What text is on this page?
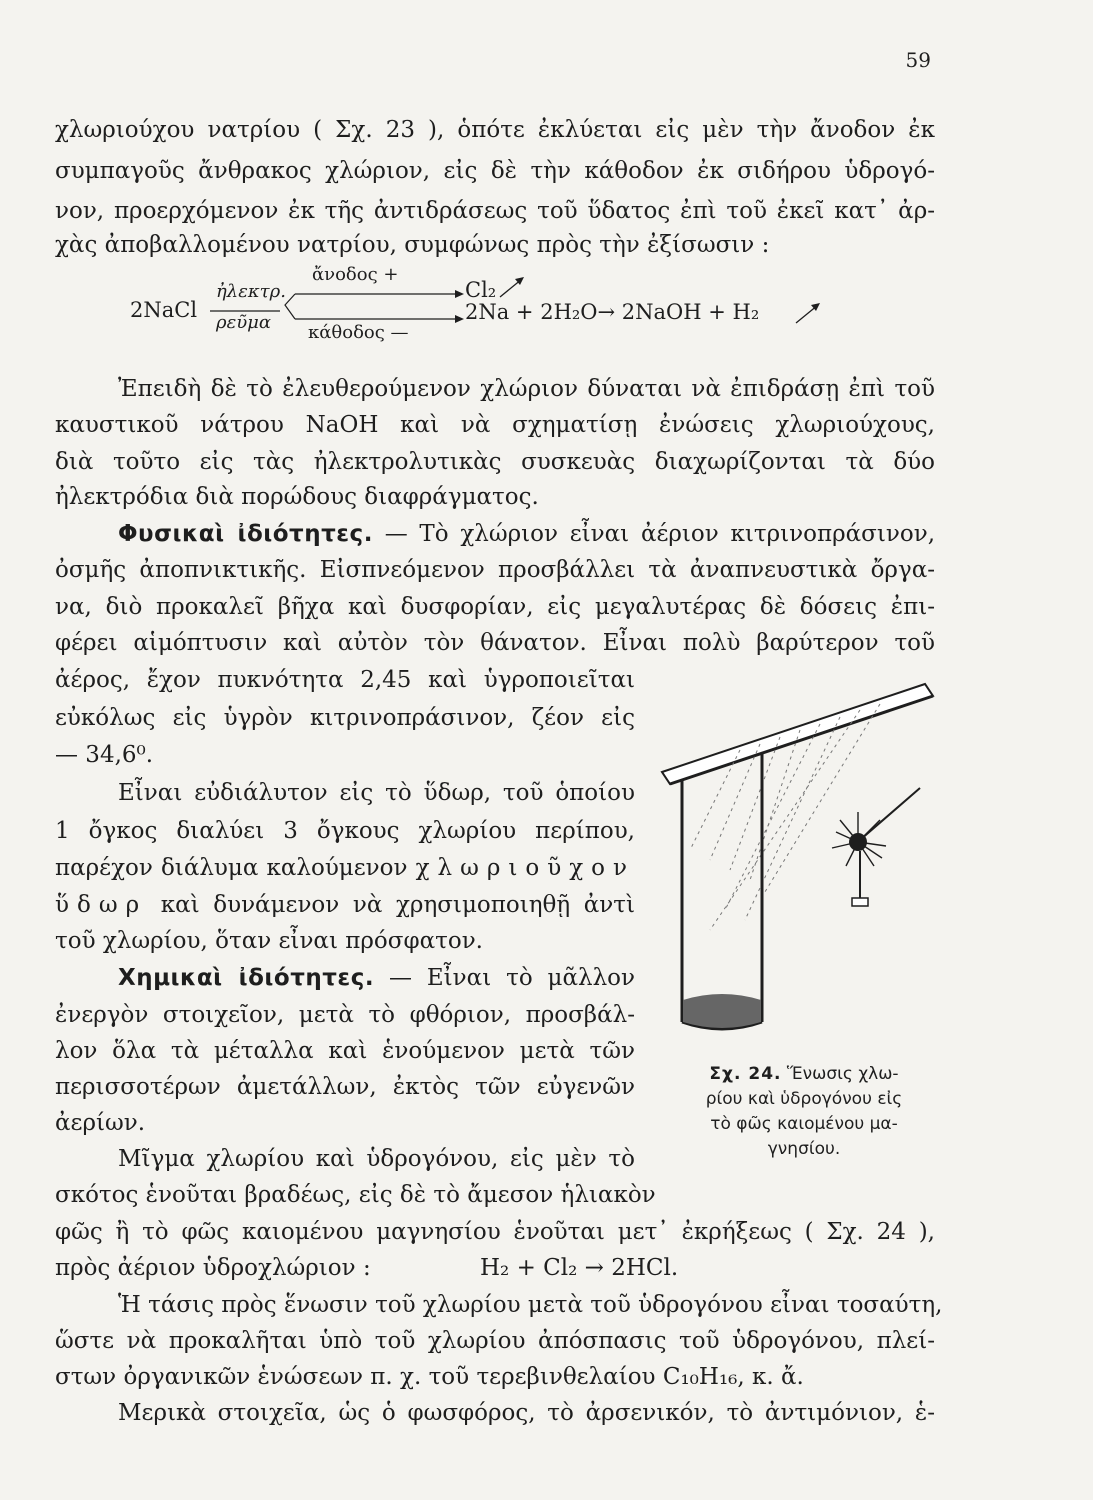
59
χλωριούχου νατρίου ( Σχ. 23 ), ὁπότε ἐκλύεται εἰς μὲν τὴν ἄνοδον ἐκ
συμπαγοῦς ἄνθρακος χλώριον, εἰς δὲ τὴν κάθοδον ἐκ σιδήρου ὑδρογό-
νον, προερχόμενον ἐκ τῆς ἀντιδράσεως τοῦ ὕδατος ἐπὶ τοῦ ἐκεῖ κατ᾿ ἀρ-
χὰς ἀποβαλλομένου νατρίου, συμφώνως πρὸς τὴν ἐξίσωσιν :
2NaCl
ἠλεκτρ.
ρεῦμα
ἄνοδος +
κάθοδος —
Cl₂
2Na + 2H₂O→ 2NaOH + H₂
Ἐπειδὴ δὲ τὸ ἐλευθερούμενον χλώριον δύναται νὰ ἐπιδράσῃ ἐπὶ τοῦ
καυστικοῦ νάτρου NaOH καὶ νὰ σχηματίσῃ ἐνώσεις χλωριούχους,
διὰ τοῦτο εἰς τὰς ἠλεκτρολυτικὰς συσκευὰς διαχωρίζονται τὰ δύο
ἠλεκτρόδια διὰ πορώδους διαφράγματος.
Φυσικαὶ ἰδιότητες. — Τὸ χλώριον εἶναι ἀέριον κιτρινοπράσινον,
ὀσμῆς ἀποπνικτικῆς. Εἰσπνεόμενον προσβάλλει τὰ ἀναπνευστικὰ ὄργα-
να, διὸ προκαλεῖ βῆχα καὶ δυσφορίαν, εἰς μεγαλυτέρας δὲ δόσεις ἐπι-
φέρει αἱμόπτυσιν καὶ αὐτὸν τὸν θάνατον. Εἶναι πολὺ βαρύτερον τοῦ
ἀέρος, ἔχον πυκνότητα 2,45 καὶ ὑγροποιεῖται
εὐκόλως εἰς ὑγρὸν κιτρινοπράσινον, ζέον εἰς
— 34,6⁰.
Εἶναι εὐδιάλυτον εἰς τὸ ὕδωρ, τοῦ ὁποίου
1 ὄγκος διαλύει 3 ὄγκους χλωρίου περίπου,
παρέχον διάλυμα καλούμενον χλωριοῦχον
ὕδωρ καὶ δυνάμενον νὰ χρησιμοποιηθῇ ἀντὶ
τοῦ χλωρίου, ὅταν εἶναι πρόσφατον.
Χημικαὶ ἰδιότητες. — Εἶναι τὸ μᾶλλον
ἐνεργὸν στοιχεῖον, μετὰ τὸ φθόριον, προσβάλ-
λον ὅλα τὰ μέταλλα καὶ ἑνούμενον μετὰ τῶν
περισσοτέρων ἀμετάλλων, ἐκτὸς τῶν εὐγενῶν
ἀερίων.
Μῖγμα χλωρίου καὶ ὑδρογόνου, εἰς μὲν τὸ
σκότος ἑνοῦται βραδέως, εἰς δὲ τὸ ἄμεσον ἡλιακὸν
φῶς ἢ τὸ φῶς καιομένου μαγνησίου ἑνοῦται μετ᾿ ἐκρήξεως ( Σχ. 24 ),
πρὸς ἀέριον ὑδροχλώριον :	H₂ + Cl₂ → 2HCl.
Ἡ τάσις πρὸς ἕνωσιν τοῦ χλωρίου μετὰ τοῦ ὑδρογόνου εἶναι τοσαύτη,
ὥστε νὰ προκαλῆται ὑπὸ τοῦ χλωρίου ἀπόσπασις τοῦ ὑδρογόνου, πλεί-
στων ὀργανικῶν ἑνώσεων π. χ. τοῦ τερεβινθελαίου C₁₀H₁₆, κ. ἄ.
Μερικὰ στοιχεῖα, ὡς ὁ φωσφόρος, τὸ ἀρσενικόν, τὸ ἀντιμόνιον, ἑ-
Σχ. 24. Ἕνωσις χλω-
ρίου καὶ ὑδρογόνου εἰς
τὸ φῶς καιομένου μα-
γνησίου.
